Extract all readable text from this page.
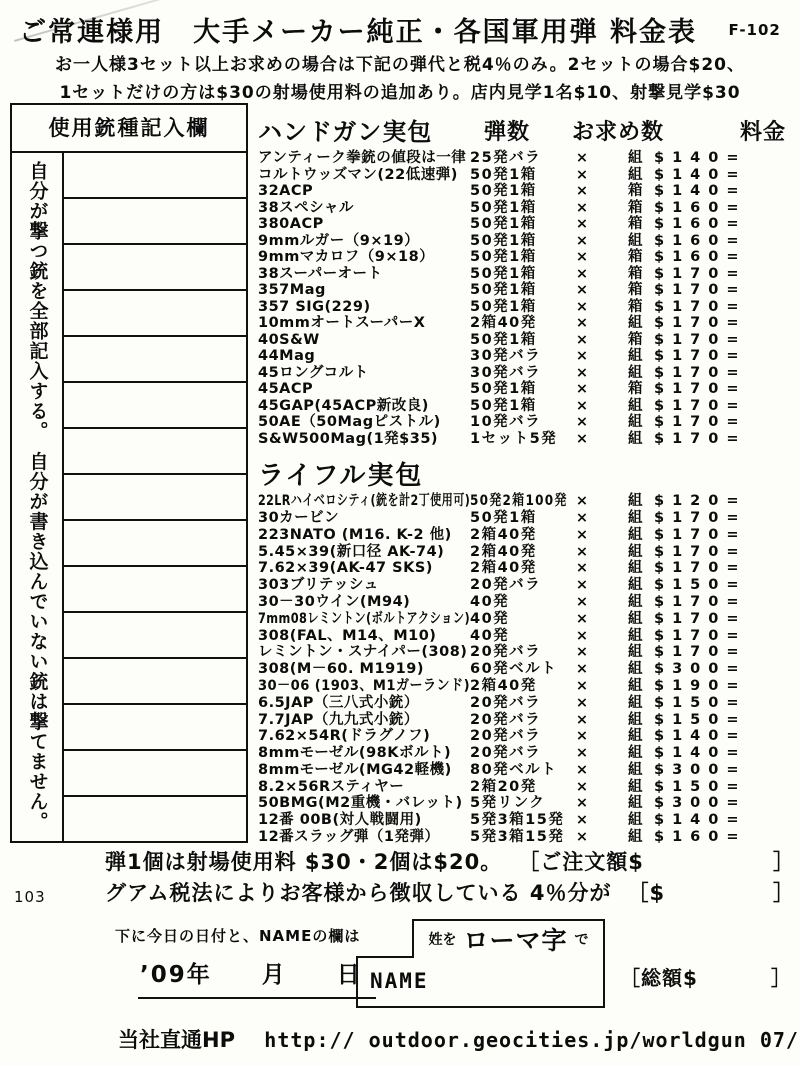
ご常連様用　大手メーカー純正・各国軍用弾 料金表 F-102

お一人様3セット以上お求めの場合は下記の弾代と税4％のみ。2セットの場合$20、

1セットだけの方は$30の射場使用料の追加あり。店内見学1名$10、射撃見学$30

使用銃種記入欄
自分が撃つ銃を全部記入する。　自分が書き込んでいない銃は撃てません。
ハンドガン実包 弾数 お求め数	料金
アンティーク拳銃の値段は一律 25発バラ	×	組 $140=
コルトウッズマン(22低速弾) 50発1箱	×	組 $140=
32ACP	50発1箱	×	箱 $140=
38スペシャル	50発1箱	×	箱 $160=
380ACP	50発1箱	×	箱 $160=
9mmルガー（9×19）	50発1箱	×	組 $160=
9mmマカロフ（9×18）	50発1箱	×	箱 $160=
38スーパーオート	50発1箱	×	箱 $170=
357Mag	50発1箱	×	箱 $170=
357 SIG(229)	50発1箱	×	箱 $170=
10mmオートスーパーX	2箱40発	×	組 $170=
40S&W	50発1箱	×	箱 $170=
44Mag	30発バラ	×	組 $170=
45ロングコルト	30発バラ	×	組 $170=
45ACP	50発1箱	×	箱 $170=
45GAP(45ACP新改良)	50発1箱	×	組 $170=
50AE（50Magピストル)	10発バラ	×	組 $170=
S&W500Mag(1発$35)	1セット5発	×	組 $170=
ライフル実包
22LRハイベロシティ(銃を計2丁使用可) 50発2箱100発 ×	組 $120=
30カービン	50発1箱	×	組 $170=
223NATO (M16. K-2 他)	2箱40発	×	組 $170=
5.45×39(新口径 AK-74)	2箱40発	×	組 $170=
7.62×39(AK-47 SKS)	2箱40発	×	組 $170=
303ブリテッシュ	20発バラ	×	組 $150=
30－30ウイン(M94)	40発	×	組 $170=
7mm08レミントン(ボルトアクション) 40発	×	組 $170=
308(FAL、M14、M10)	40発	×	組 $170=
レミントン・スナイパー(308) 20発バラ	×	組 $170=
308(M－60. M1919)	60発ベルト	×	組 $300=
30－06 (1903、M1ガーランド) 2箱40発	×	組 $190=
6.5JAP（三八式小銃）	20発バラ	×	組 $150=
7.7JAP（九九式小銃）	20発バラ	×	組 $150=
7.62×54R(ドラグノフ)	20発バラ	×	組 $140=
8mmモーゼル(98Kボルト)	20発バラ	×	組 $140=
8mmモーゼル(MG42軽機)	80発ベルト	×	組 $300=
8.2×56Rスティヤー	2箱20発	×	組 $150=
50BMG(M2重機・バレット) 5発リンク	×	組 $300=
12番 00B(対人戦闘用)	5発3箱15発 ×	組 $140=
12番スラッグ弾（1発弾）	5発3箱15発 ×	組 $160=
弾1個は射場使用料 $30・2個は$20。 ［ご注文額$	］
グアム税法によりお客様から徴収している 4％分が ［$	］
103
下に今日の日付と、NAMEの欄は
’09年　　月　　日
姓を ローマ字 で
NAME	［総額$	］
当社直通HP http:// outdoor.geocities.jp/worldgun 07/
